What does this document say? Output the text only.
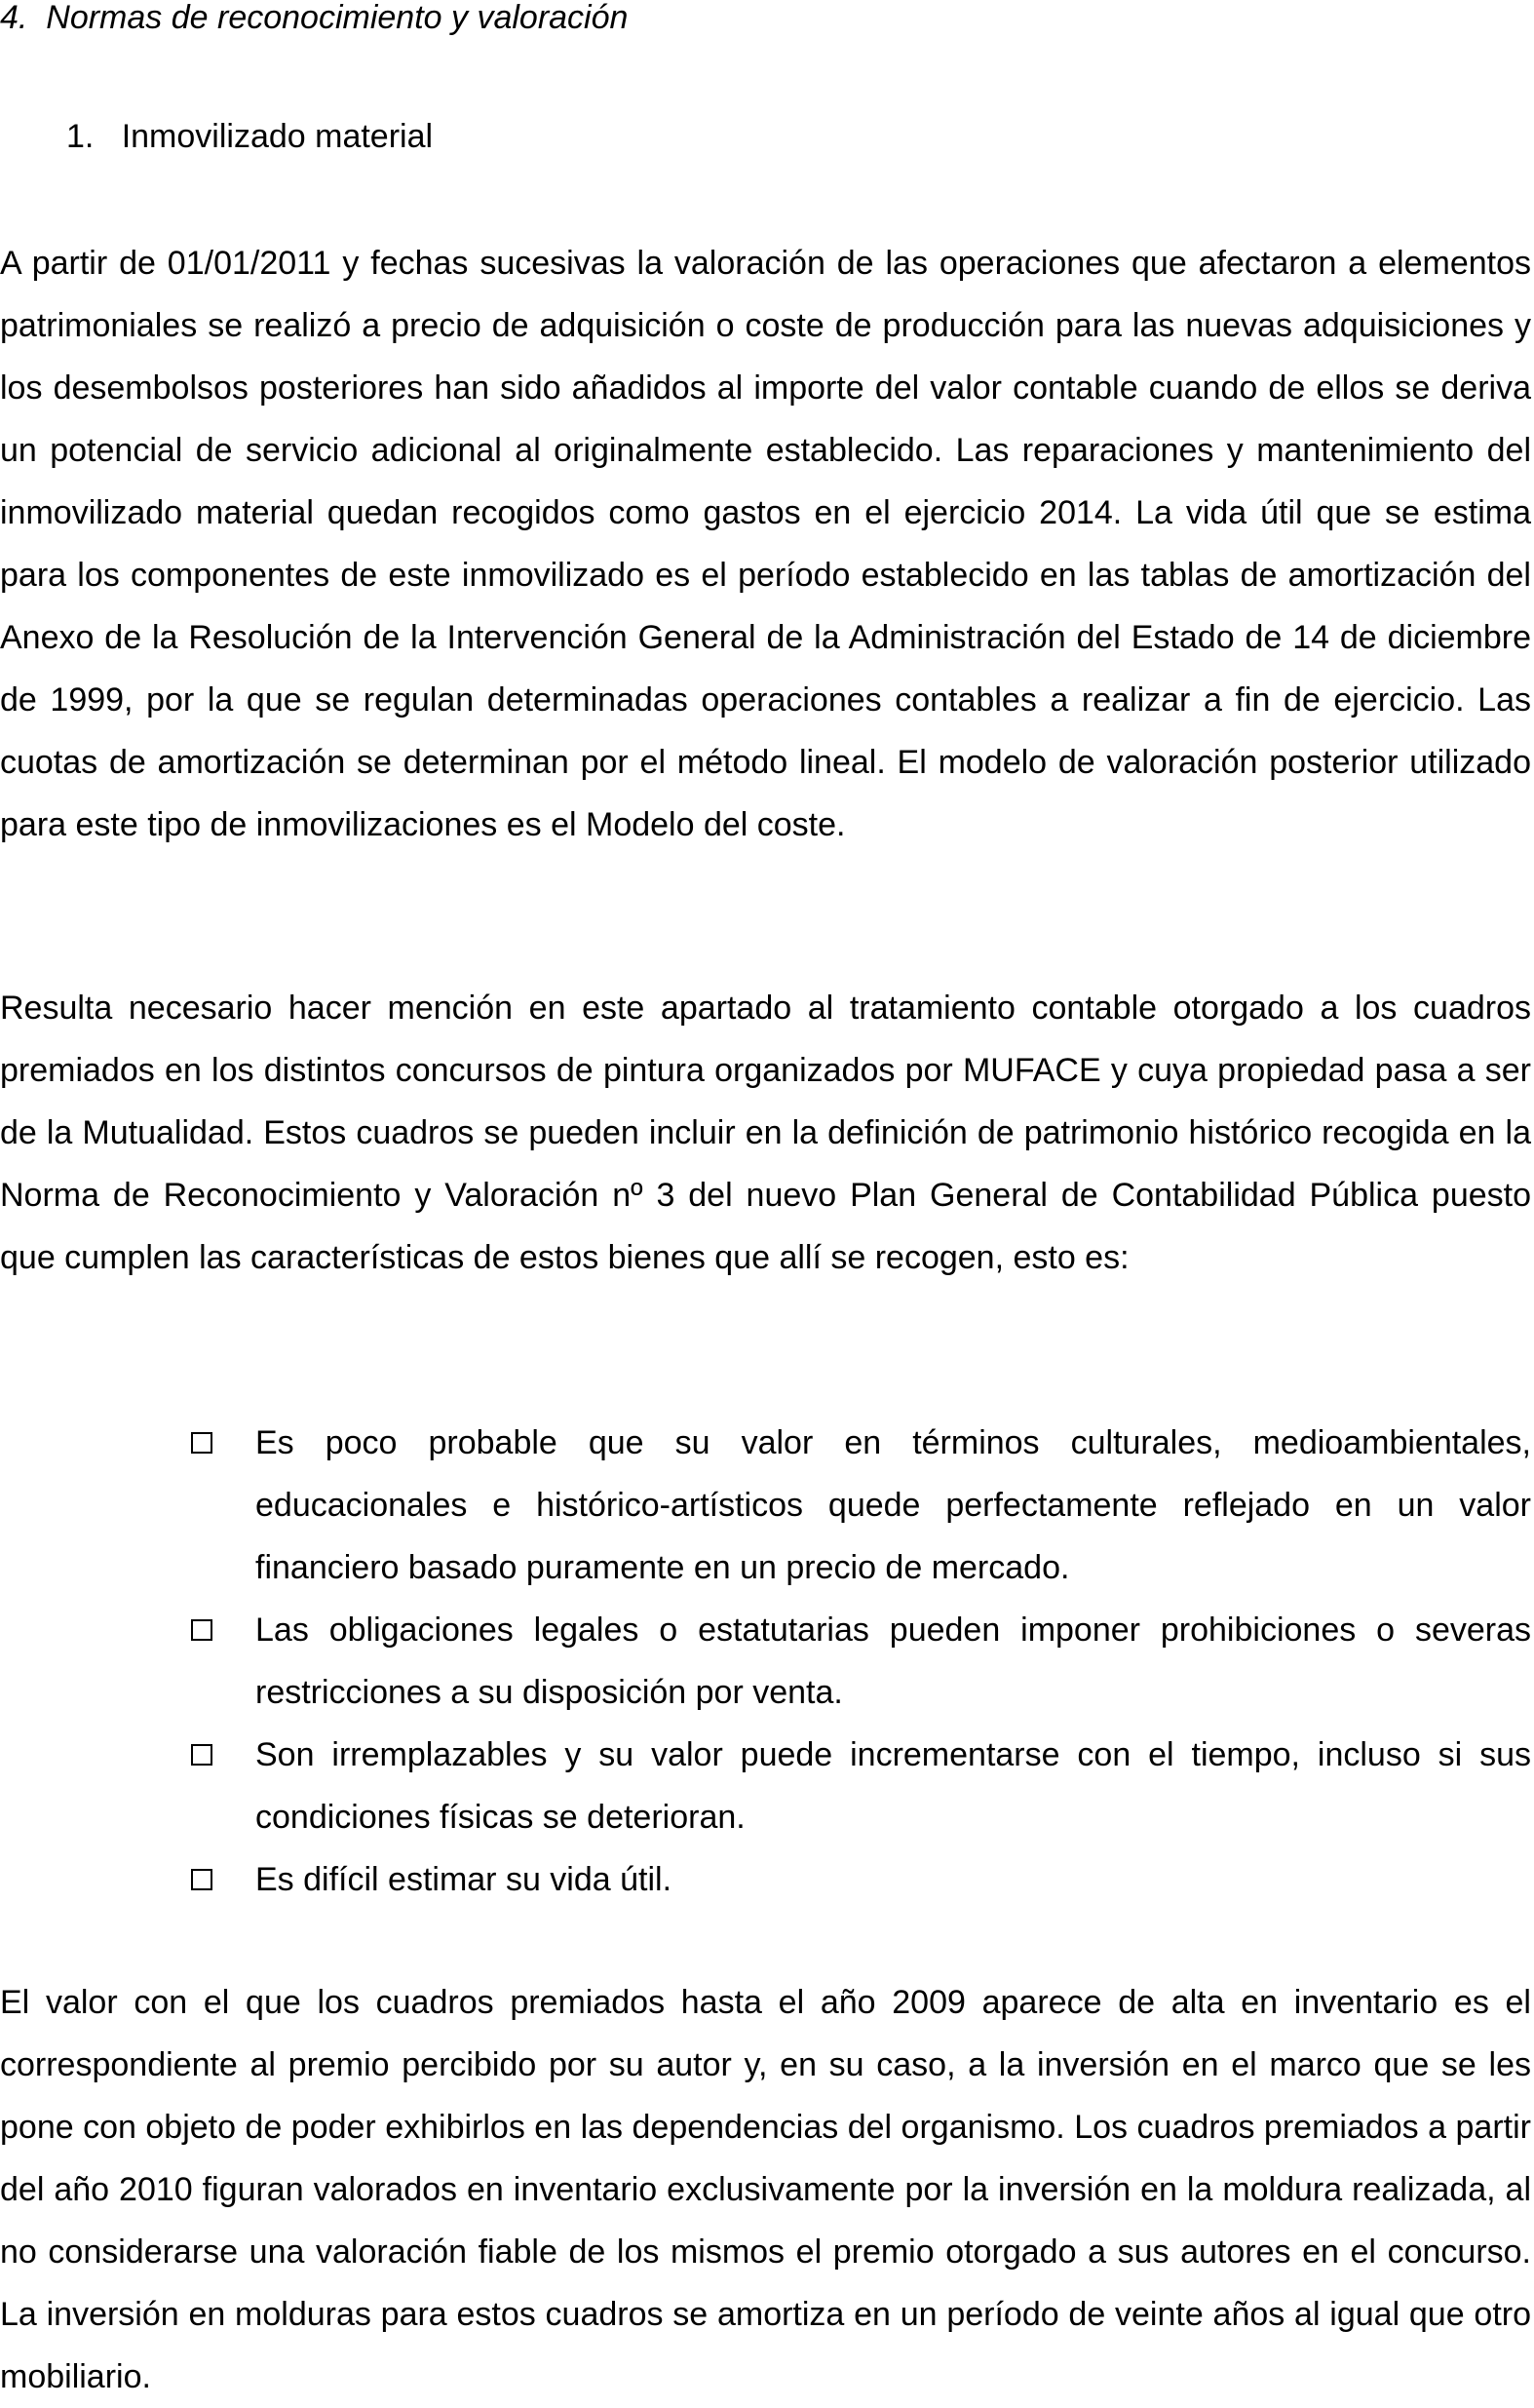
4. Normas de reconocimiento y valoración
1. Inmovilizado material

A partir de 01/01/2011 y fechas sucesivas la valoración de las operaciones que afectaron a elementos patrimoniales se realizó a precio de adquisición o coste de producción para las nuevas adquisiciones y los desembolsos posteriores han sido añadidos al importe del valor contable cuando de ellos se deriva un potencial de servicio adicional al originalmente establecido. Las reparaciones y mantenimiento del inmovilizado material quedan recogidos como gastos en el ejercicio 2014. La vida útil que se estima para los componentes de este inmovilizado es el período establecido en las tablas de amortización del Anexo de la Resolución de la Intervención General de la Administración del Estado de 14 de diciembre de 1999, por la que se regulan determinadas operaciones contables a realizar a fin de ejercicio. Las cuotas de amortización se determinan por el método lineal. El modelo de valoración posterior utilizado para este tipo de inmovilizaciones es el Modelo del coste.

Resulta necesario hacer mención en este apartado al tratamiento contable otorgado a los cuadros premiados en los distintos concursos de pintura organizados por MUFACE y cuya propiedad pasa a ser de la Mutualidad. Estos cuadros se pueden incluir en la definición de patrimonio histórico recogida en la Norma de Reconocimiento y Valoración nº 3 del nuevo Plan General de Contabilidad Pública puesto que cumplen las características de estos bienes que allí se recogen, esto es:

Es poco probable que su valor en términos culturales, medioambientales, educacionales e histórico-artísticos quede perfectamente reflejado en un valor financiero basado puramente en un precio de mercado.
Las obligaciones legales o estatutarias pueden imponer prohibiciones o severas restricciones a su disposición por venta.
Son irremplazables y su valor puede incrementarse con el tiempo, incluso si sus condiciones físicas se deterioran.
Es difícil estimar su vida útil.

El valor con el que los cuadros premiados hasta el año 2009 aparece de alta en inventario es el correspondiente al premio percibido por su autor y, en su caso, a la inversión en el marco que se les pone con objeto de poder exhibirlos en las dependencias del organismo. Los cuadros premiados a partir del año 2010 figuran valorados en inventario exclusivamente por la inversión en la moldura realizada, al no considerarse una valoración fiable de los mismos el premio otorgado a sus autores en el concurso. La inversión en molduras para estos cuadros se amortiza en un período de veinte años al igual que otro mobiliario.
